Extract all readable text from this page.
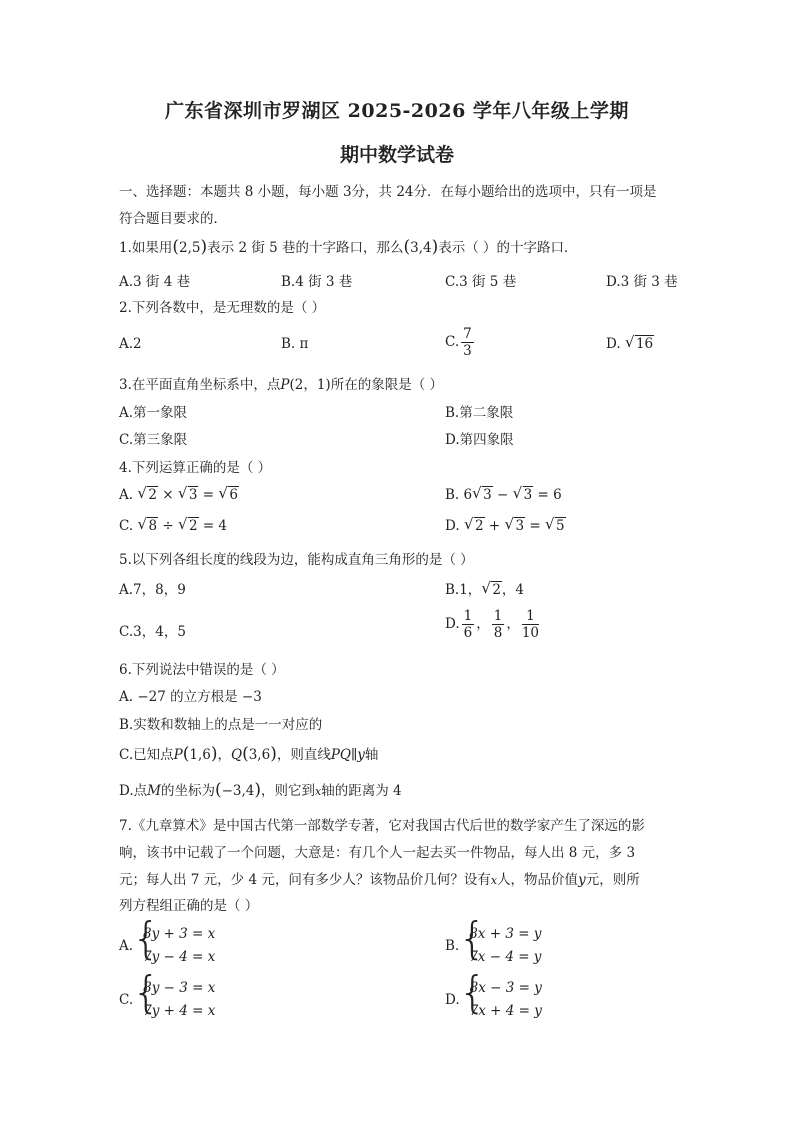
广东省深圳市罗湖区 2025-2026 学年八年级上学期
期中数学试卷
一、选择题：本题共 8 小题，每小题 3分，共 24分．在每小题给出的选项中，只有一项是
符合题目要求的．
1.如果用(2,5)表示 2 街 5 巷的十字路口，那么(3,4)表示（ ）的十字路口．
A.3 街 4 巷	B.4 街 3 巷	C.3 街 5 巷	D.3 街 3 巷
2.下列各数中，是无理数的是（ ）
A.2	B. π	C. $\frac{7}{3}$	D. √ 16
3.在平面直角坐标系中，点P(2，1)所在的象限是（ ）
A.第一象限	B.第二象限
C.第三象限	D.第四象限
4.下列运算正确的是（ ）
A. √ 2 × √ 3 = √ 6	B. 6 √ 3 − √ 3 = 6
C. √ 8 ÷ √ 2 = 4	D. √ 2 + √ 3 = √ 5
5.以下列各组长度的线段为边，能构成直角三角形的是（ ）
A.7，8，9	B.1， √ 2，4
C.3，4，5	D. $\frac{1}{6}$ ， $\frac{1}{8}$ ， $\frac{1}{10}$
6.下列说法中错误的是（ ）
A. −27 的立方根是 −3
B.实数和数轴上的点是一一对应的
C.已知点P(1,6)，Q(3,6)，则直线PQ∥y轴
D.点M的坐标为(−3,4)，则它到x轴的距离为 4
7.《九章算术》是中国古代第一部数学专著，它对我国古代后世的数学家产生了深远的影
响，该书中记载了一个问题，大意是：有几个人一起去买一件物品，每人出 8 元，多 3
元；每人出 7 元，少 4 元，问有多少人？该物品价几何？设有x人，物品价值y元，则所
列方程组正确的是（ ）
A. {
8y + 3 = x
7y − 4 = x
B. {
8x + 3 = y
7x − 4 = y
C. {
8y − 3 = x
7y + 4 = x
D. {
8x − 3 = y
7x + 4 = y
